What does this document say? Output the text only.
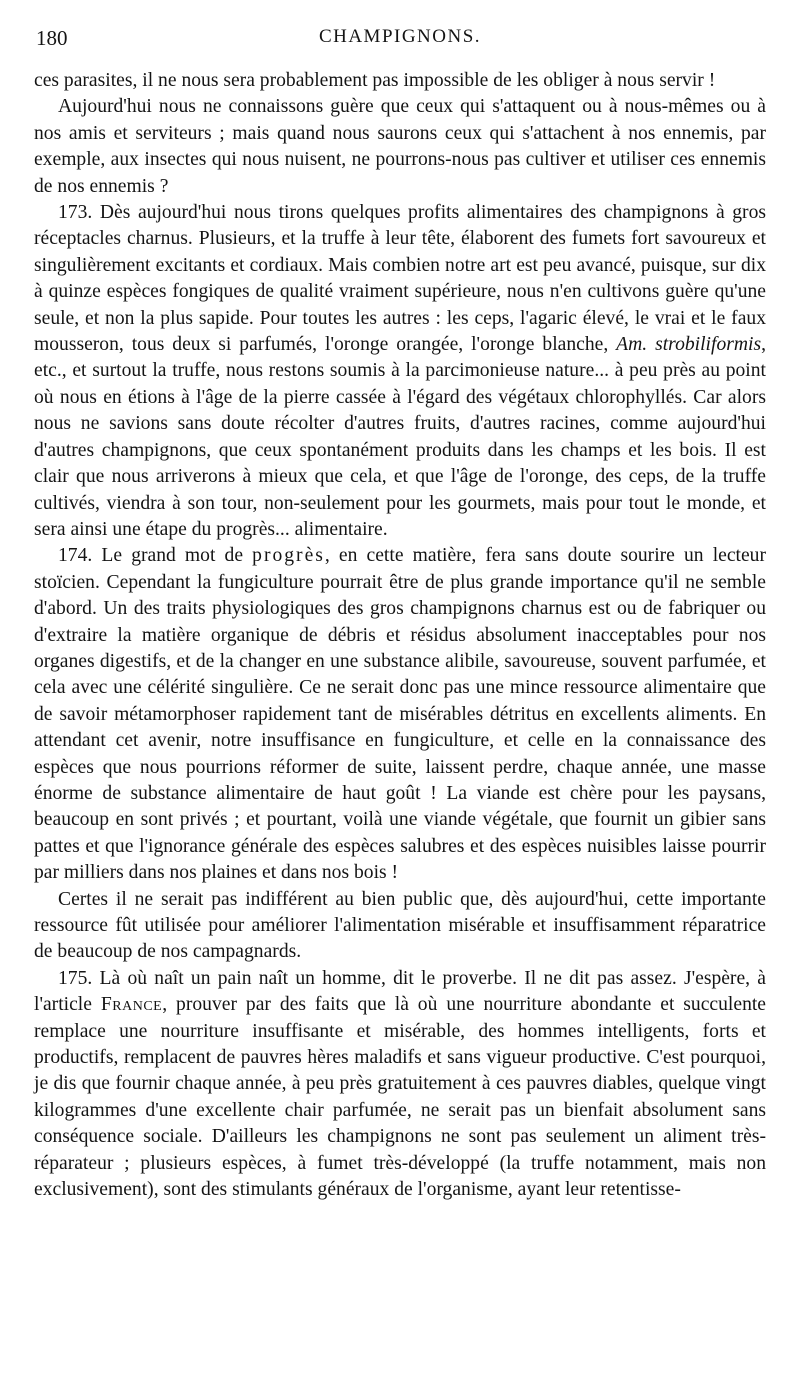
180	CHAMPIGNONS.

ces parasites, il ne nous sera probablement pas impossible de les obliger à nous servir !

Aujourd'hui nous ne connaissons guère que ceux qui s'attaquent ou à nous-mêmes ou à nos amis et serviteurs ; mais quand nous saurons ceux qui s'attachent à nos ennemis, par exemple, aux insectes qui nous nuisent, ne pourrons-nous pas cultiver et utiliser ces ennemis de nos ennemis ?

173. Dès aujourd'hui nous tirons quelques profits alimentaires des champignons à gros réceptacles charnus. Plusieurs, et la truffe à leur tête, élaborent des fumets fort savoureux et singulièrement excitants et cordiaux. Mais combien notre art est peu avancé, puisque, sur dix à quinze espèces fongiques de qualité vraiment supérieure, nous n'en cultivons guère qu'une seule, et non la plus sapide. Pour toutes les autres : les ceps, l'agaric élevé, le vrai et le faux mousseron, tous deux si parfumés, l'oronge orangée, l'oronge blanche, Am. strobiliformis, etc., et surtout la truffe, nous restons soumis à la parcimonieuse nature... à peu près au point où nous en étions à l'âge de la pierre cassée à l'égard des végétaux chlorophyllés. Car alors nous ne savions sans doute récolter d'autres fruits, d'autres racines, comme aujourd'hui d'autres champignons, que ceux spontanément produits dans les champs et les bois. Il est clair que nous arriverons à mieux que cela, et que l'âge de l'oronge, des ceps, de la truffe cultivés, viendra à son tour, non-seulement pour les gourmets, mais pour tout le monde, et sera ainsi une étape du progrès... alimentaire.

174. Le grand mot de progrès, en cette matière, fera sans doute sourire un lecteur stoïcien. Cependant la fungiculture pourrait être de plus grande importance qu'il ne semble d'abord. Un des traits physiologiques des gros champignons charnus est ou de fabriquer ou d'extraire la matière organique de débris et résidus absolument inacceptables pour nos organes digestifs, et de la changer en une substance alibile, savoureuse, souvent parfumée, et cela avec une célérité singulière. Ce ne serait donc pas une mince ressource alimentaire que de savoir métamorphoser rapidement tant de misérables détritus en excellents aliments. En attendant cet avenir, notre insuffisance en fungiculture, et celle en la connaissance des espèces que nous pourrions réformer de suite, laissent perdre, chaque année, une masse énorme de substance alimentaire de haut goût ! La viande est chère pour les paysans, beaucoup en sont privés ; et pourtant, voilà une viande végétale, que fournit un gibier sans pattes et que l'ignorance générale des espèces salubres et des espèces nuisibles laisse pourrir par milliers dans nos plaines et dans nos bois !

Certes il ne serait pas indifférent au bien public que, dès aujourd'hui, cette importante ressource fût utilisée pour améliorer l'alimentation misérable et insuffisamment réparatrice de beaucoup de nos campagnards.

175. Là où naît un pain naît un homme, dit le proverbe. Il ne dit pas assez. J'espère, à l'article France, prouver par des faits que là où une nourriture abondante et succulente remplace une nourriture insuffisante et misérable, des hommes intelligents, forts et productifs, remplacent de pauvres hères maladifs et sans vigueur productive. C'est pourquoi, je dis que fournir chaque année, à peu près gratuitement à ces pauvres diables, quelque vingt kilogrammes d'une excellente chair parfumée, ne serait pas un bienfait absolument sans conséquence sociale. D'ailleurs les champignons ne sont pas seulement un aliment très-réparateur ; plusieurs espèces, à fumet très-développé (la truffe notamment, mais non exclusivement), sont des stimulants généraux de l'organisme, ayant leur retentisse-
